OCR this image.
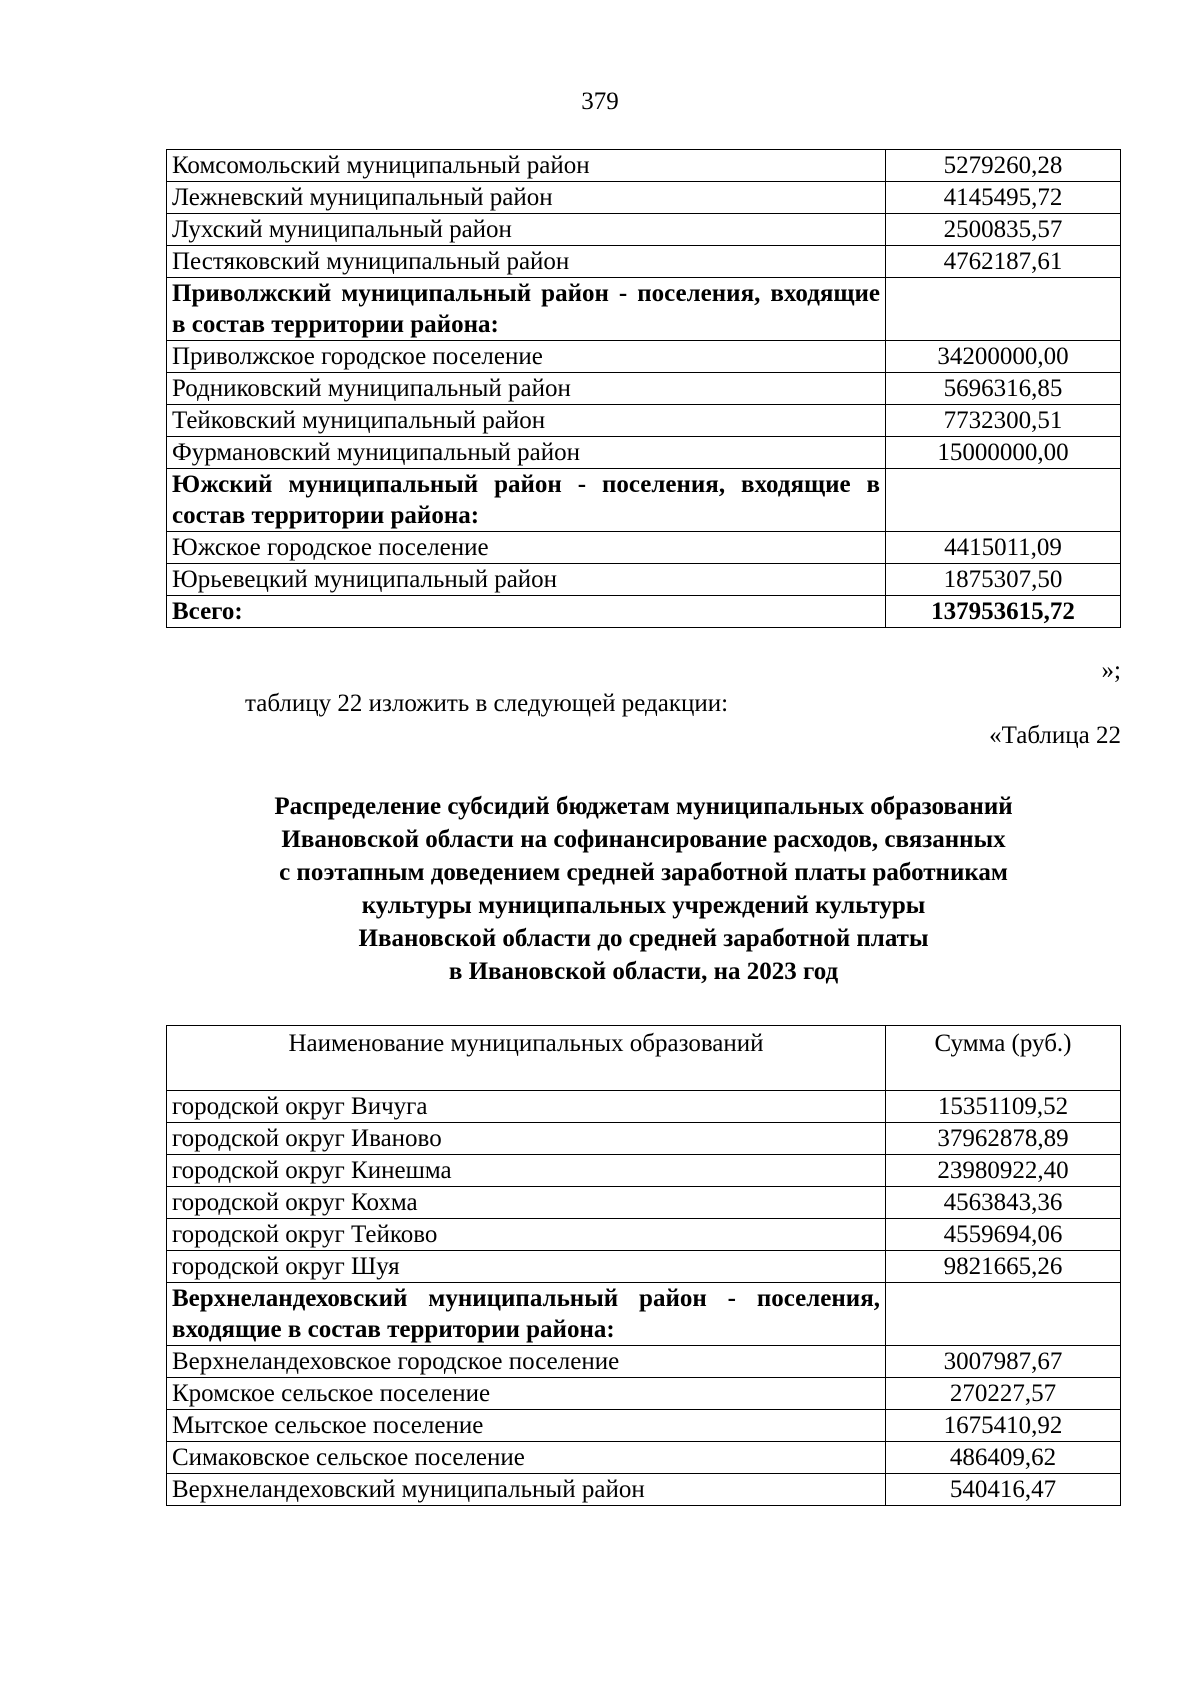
379
Комсомольский муниципальный район	5279260,28
Лежневский муниципальный район	4145495,72
Лухский муниципальный район	2500835,57
Пестяковский муниципальный район	4762187,61
Приволжский муниципальный район - поселения, входящие в состав территории района:	
Приволжское городское поселение	34200000,00
Родниковский муниципальный район	5696316,85
Тейковский муниципальный район	7732300,51
Фурмановский муниципальный район	15000000,00
Южский муниципальный район - поселения, входящие в состав территории района:	
Южское городское поселение	4415011,09
Юрьевецкий муниципальный район	1875307,50
Всего:	137953615,72
»;
таблицу 22 изложить в следующей редакции:
«Таблица 22
Распределение субсидий бюджетам муниципальных образований
Ивановской области на софинансирование расходов, связанных
с поэтапным доведением средней заработной платы работникам
культуры муниципальных учреждений культуры
Ивановской области до средней заработной платы
в Ивановской области, на 2023 год
Наименование муниципальных образований	Сумма (руб.)
городской округ Вичуга	15351109,52
городской округ Иваново	37962878,89
городской округ Кинешма	23980922,40
городской округ Кохма	4563843,36
городской округ Тейково	4559694,06
городской округ Шуя	9821665,26
Верхнеландеховский муниципальный район - поселения, входящие в состав территории района:	
Верхнеландеховское городское поселение	3007987,67
Кромское сельское поселение	270227,57
Мытское сельское поселение	1675410,92
Симаковское сельское поселение	486409,62
Верхнеландеховский муниципальный район	540416,47
